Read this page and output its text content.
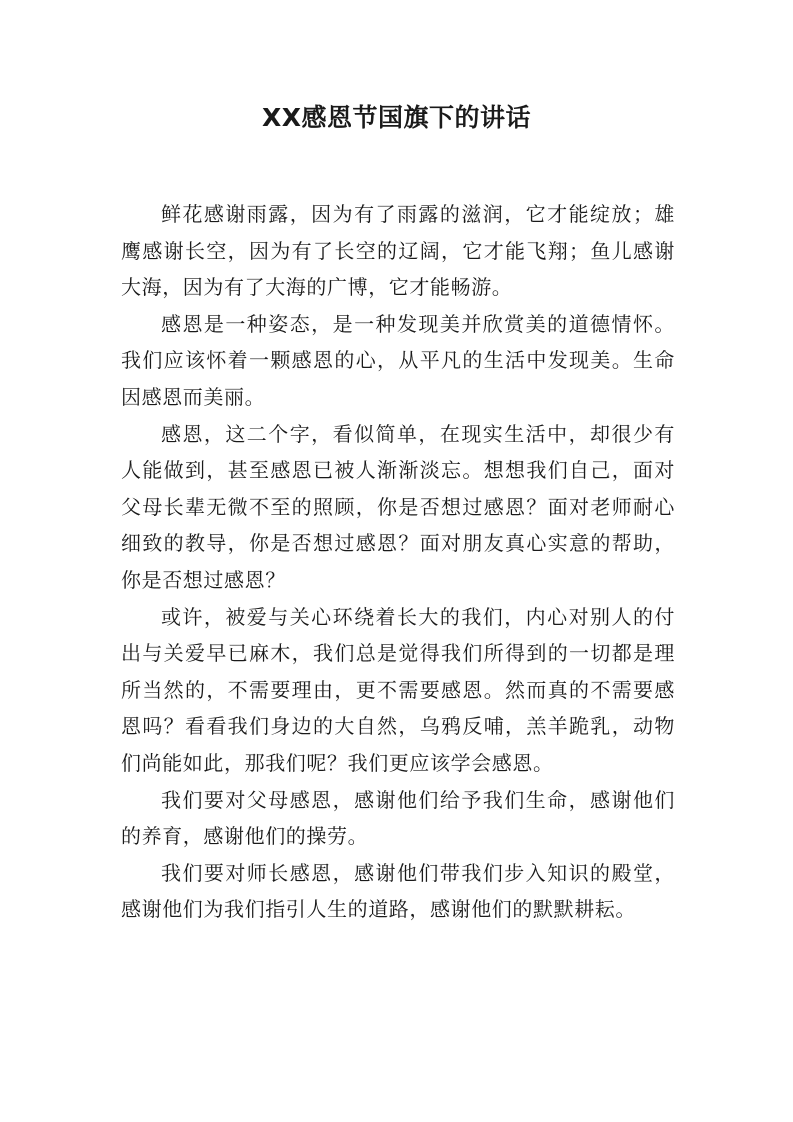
XX感恩节国旗下的讲话

鲜花感谢雨露，因为有了雨露的滋润，它才能绽放；雄鹰感谢长空，因为有了长空的辽阔，它才能飞翔；鱼儿感谢大海，因为有了大海的广博，它才能畅游。

感恩是一种姿态，是一种发现美并欣赏美的道德情怀。我们应该怀着一颗感恩的心，从平凡的生活中发现美。生命因感恩而美丽。

感恩，这二个字，看似简单，在现实生活中，却很少有人能做到，甚至感恩已被人渐渐淡忘。想想我们自己，面对父母长辈无微不至的照顾，你是否想过感恩？面对老师耐心细致的教导，你是否想过感恩？面对朋友真心实意的帮助，你是否想过感恩？

或许，被爱与关心环绕着长大的我们，内心对别人的付出与关爱早已麻木，我们总是觉得我们所得到的一切都是理所当然的，不需要理由，更不需要感恩。然而真的不需要感恩吗？看看我们身边的大自然，乌鸦反哺，羔羊跪乳，动物们尚能如此，那我们呢？我们更应该学会感恩。

我们要对父母感恩，感谢他们给予我们生命，感谢他们的养育，感谢他们的操劳。

我们要对师长感恩，感谢他们带我们步入知识的殿堂，感谢他们为我们指引人生的道路，感谢他们的默默耕耘。
